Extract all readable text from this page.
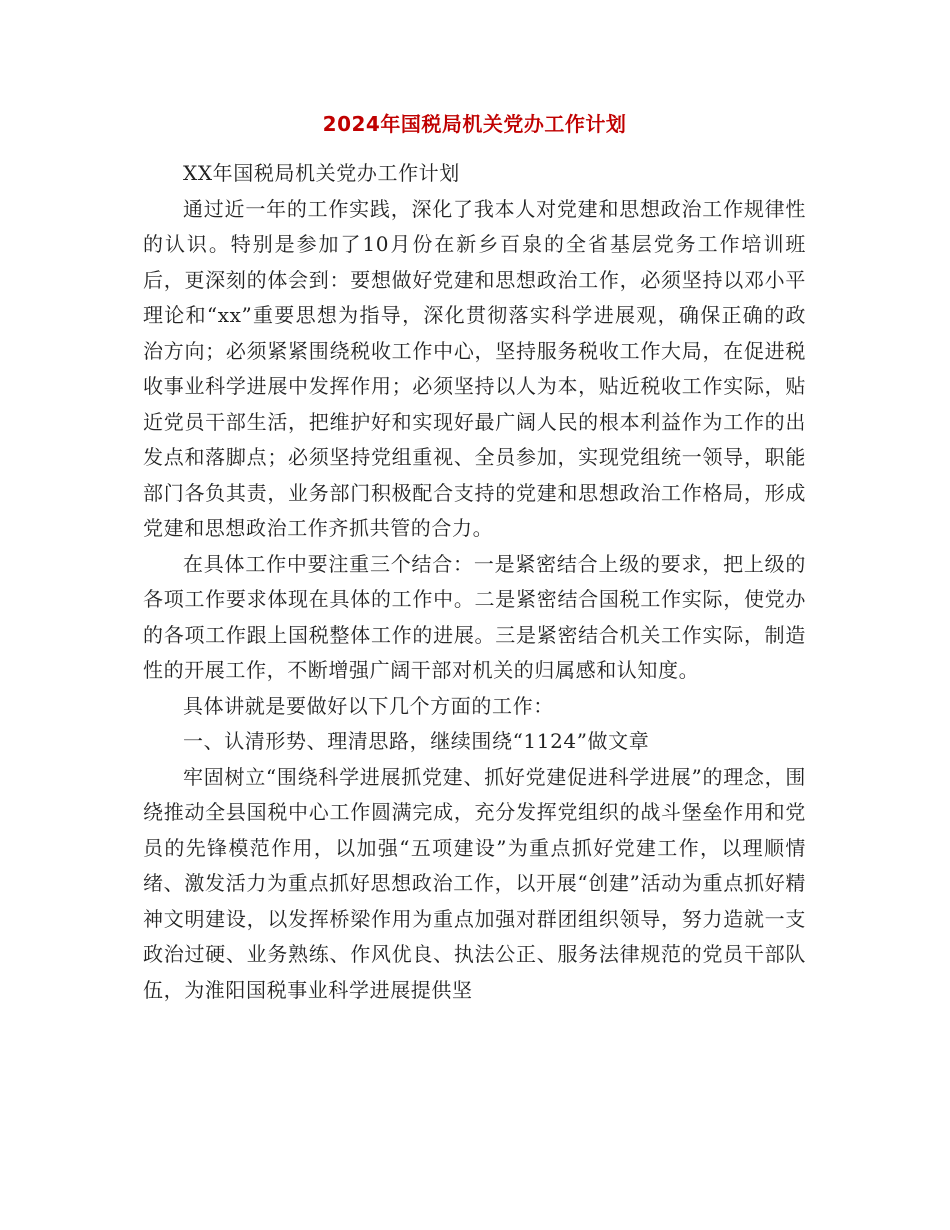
2024年国税局机关党办工作计划

XX年国税局机关党办工作计划

通过近一年的工作实践，深化了我本人对党建和思想政治工作规律性的认识。特别是参加了10月份在新乡百泉的全省基层党务工作培训班后，更深刻的体会到：要想做好党建和思想政治工作，必须坚持以邓小平理论和“xx”重要思想为指导，深化贯彻落实科学进展观，确保正确的政治方向；必须紧紧围绕税收工作中心，坚持服务税收工作大局，在促进税收事业科学进展中发挥作用；必须坚持以人为本，贴近税收工作实际，贴近党员干部生活，把维护好和实现好最广阔人民的根本利益作为工作的出发点和落脚点；必须坚持党组重视、全员参加，实现党组统一领导，职能部门各负其责，业务部门积极配合支持的党建和思想政治工作格局，形成党建和思想政治工作齐抓共管的合力。

在具体工作中要注重三个结合：一是紧密结合上级的要求，把上级的各项工作要求体现在具体的工作中。二是紧密结合国税工作实际，使党办的各项工作跟上国税整体工作的进展。三是紧密结合机关工作实际，制造性的开展工作，不断增强广阔干部对机关的归属感和认知度。

具体讲就是要做好以下几个方面的工作：

一、认清形势、理清思路，继续围绕“1124”做文章

牢固树立“围绕科学进展抓党建、抓好党建促进科学进展”的理念，围绕推动全县国税中心工作圆满完成，充分发挥党组织的战斗堡垒作用和党员的先锋模范作用，以加强“五项建设”为重点抓好党建工作，以理顺情绪、激发活力为重点抓好思想政治工作，以开展“创建”活动为重点抓好精神文明建设，以发挥桥梁作用为重点加强对群团组织领导，努力造就一支政治过硬、业务熟练、作风优良、执法公正、服务法律规范的党员干部队伍，为淮阳国税事业科学进展提供坚
